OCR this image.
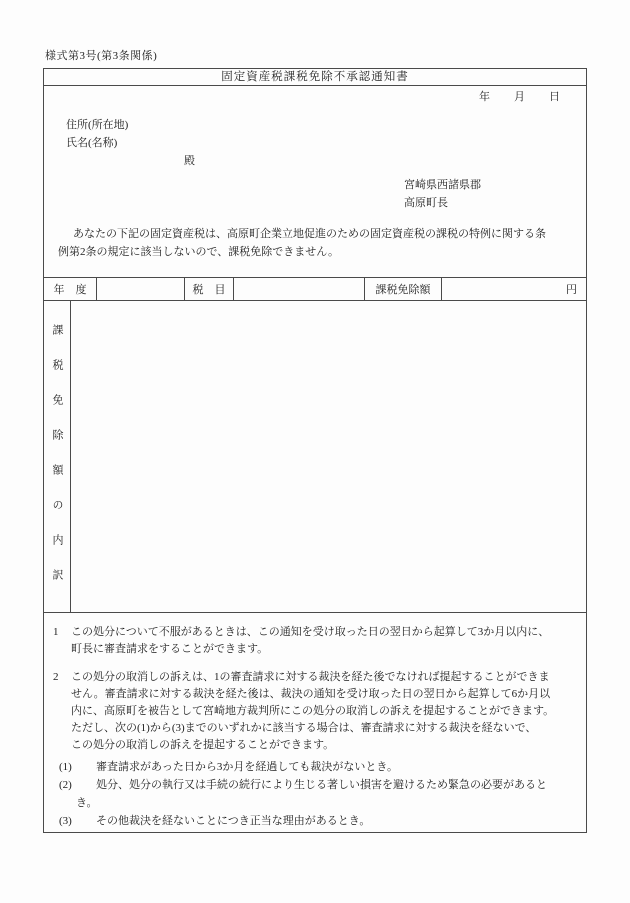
様式第3号(第3条関係)
固定資産税課税免除不承認通知書
年 月 日
住所(所在地)
氏名(名称)
殿
宮崎県西諸県郡
高原町長
あなたの下記の固定資産税は、高原町企業立地促進のための固定資産税の課税の特例に関する条
例第2条の規定に該当しないので、課税免除できません。
年　度	税　目	課税免除額	円
課税免除額の内訳
1	この処分について不服があるときは、この通知を受け取った日の翌日から起算して3か月以内に、
町長に審査請求をすることができます。
2	この処分の取消しの訴えは、1の審査請求に対する裁決を経た後でなければ提起することができま
せん。審査請求に対する裁決を経た後は、裁決の通知を受け取った日の翌日から起算して6か月以
内に、高原町を被告として宮崎地方裁判所にこの処分の取消しの訴えを提起することができます。
ただし、次の(1)から(3)までのいずれかに該当する場合は、審査請求に対する裁決を経ないで、
この処分の取消しの訴えを提起することができます。
(1)	審査請求があった日から3か月を経過しても裁決がないとき。
(2)	処分、処分の執行又は手続の続行により生じる著しい損害を避けるため緊急の必要があると
き。
(3)	その他裁決を経ないことにつき正当な理由があるとき。
